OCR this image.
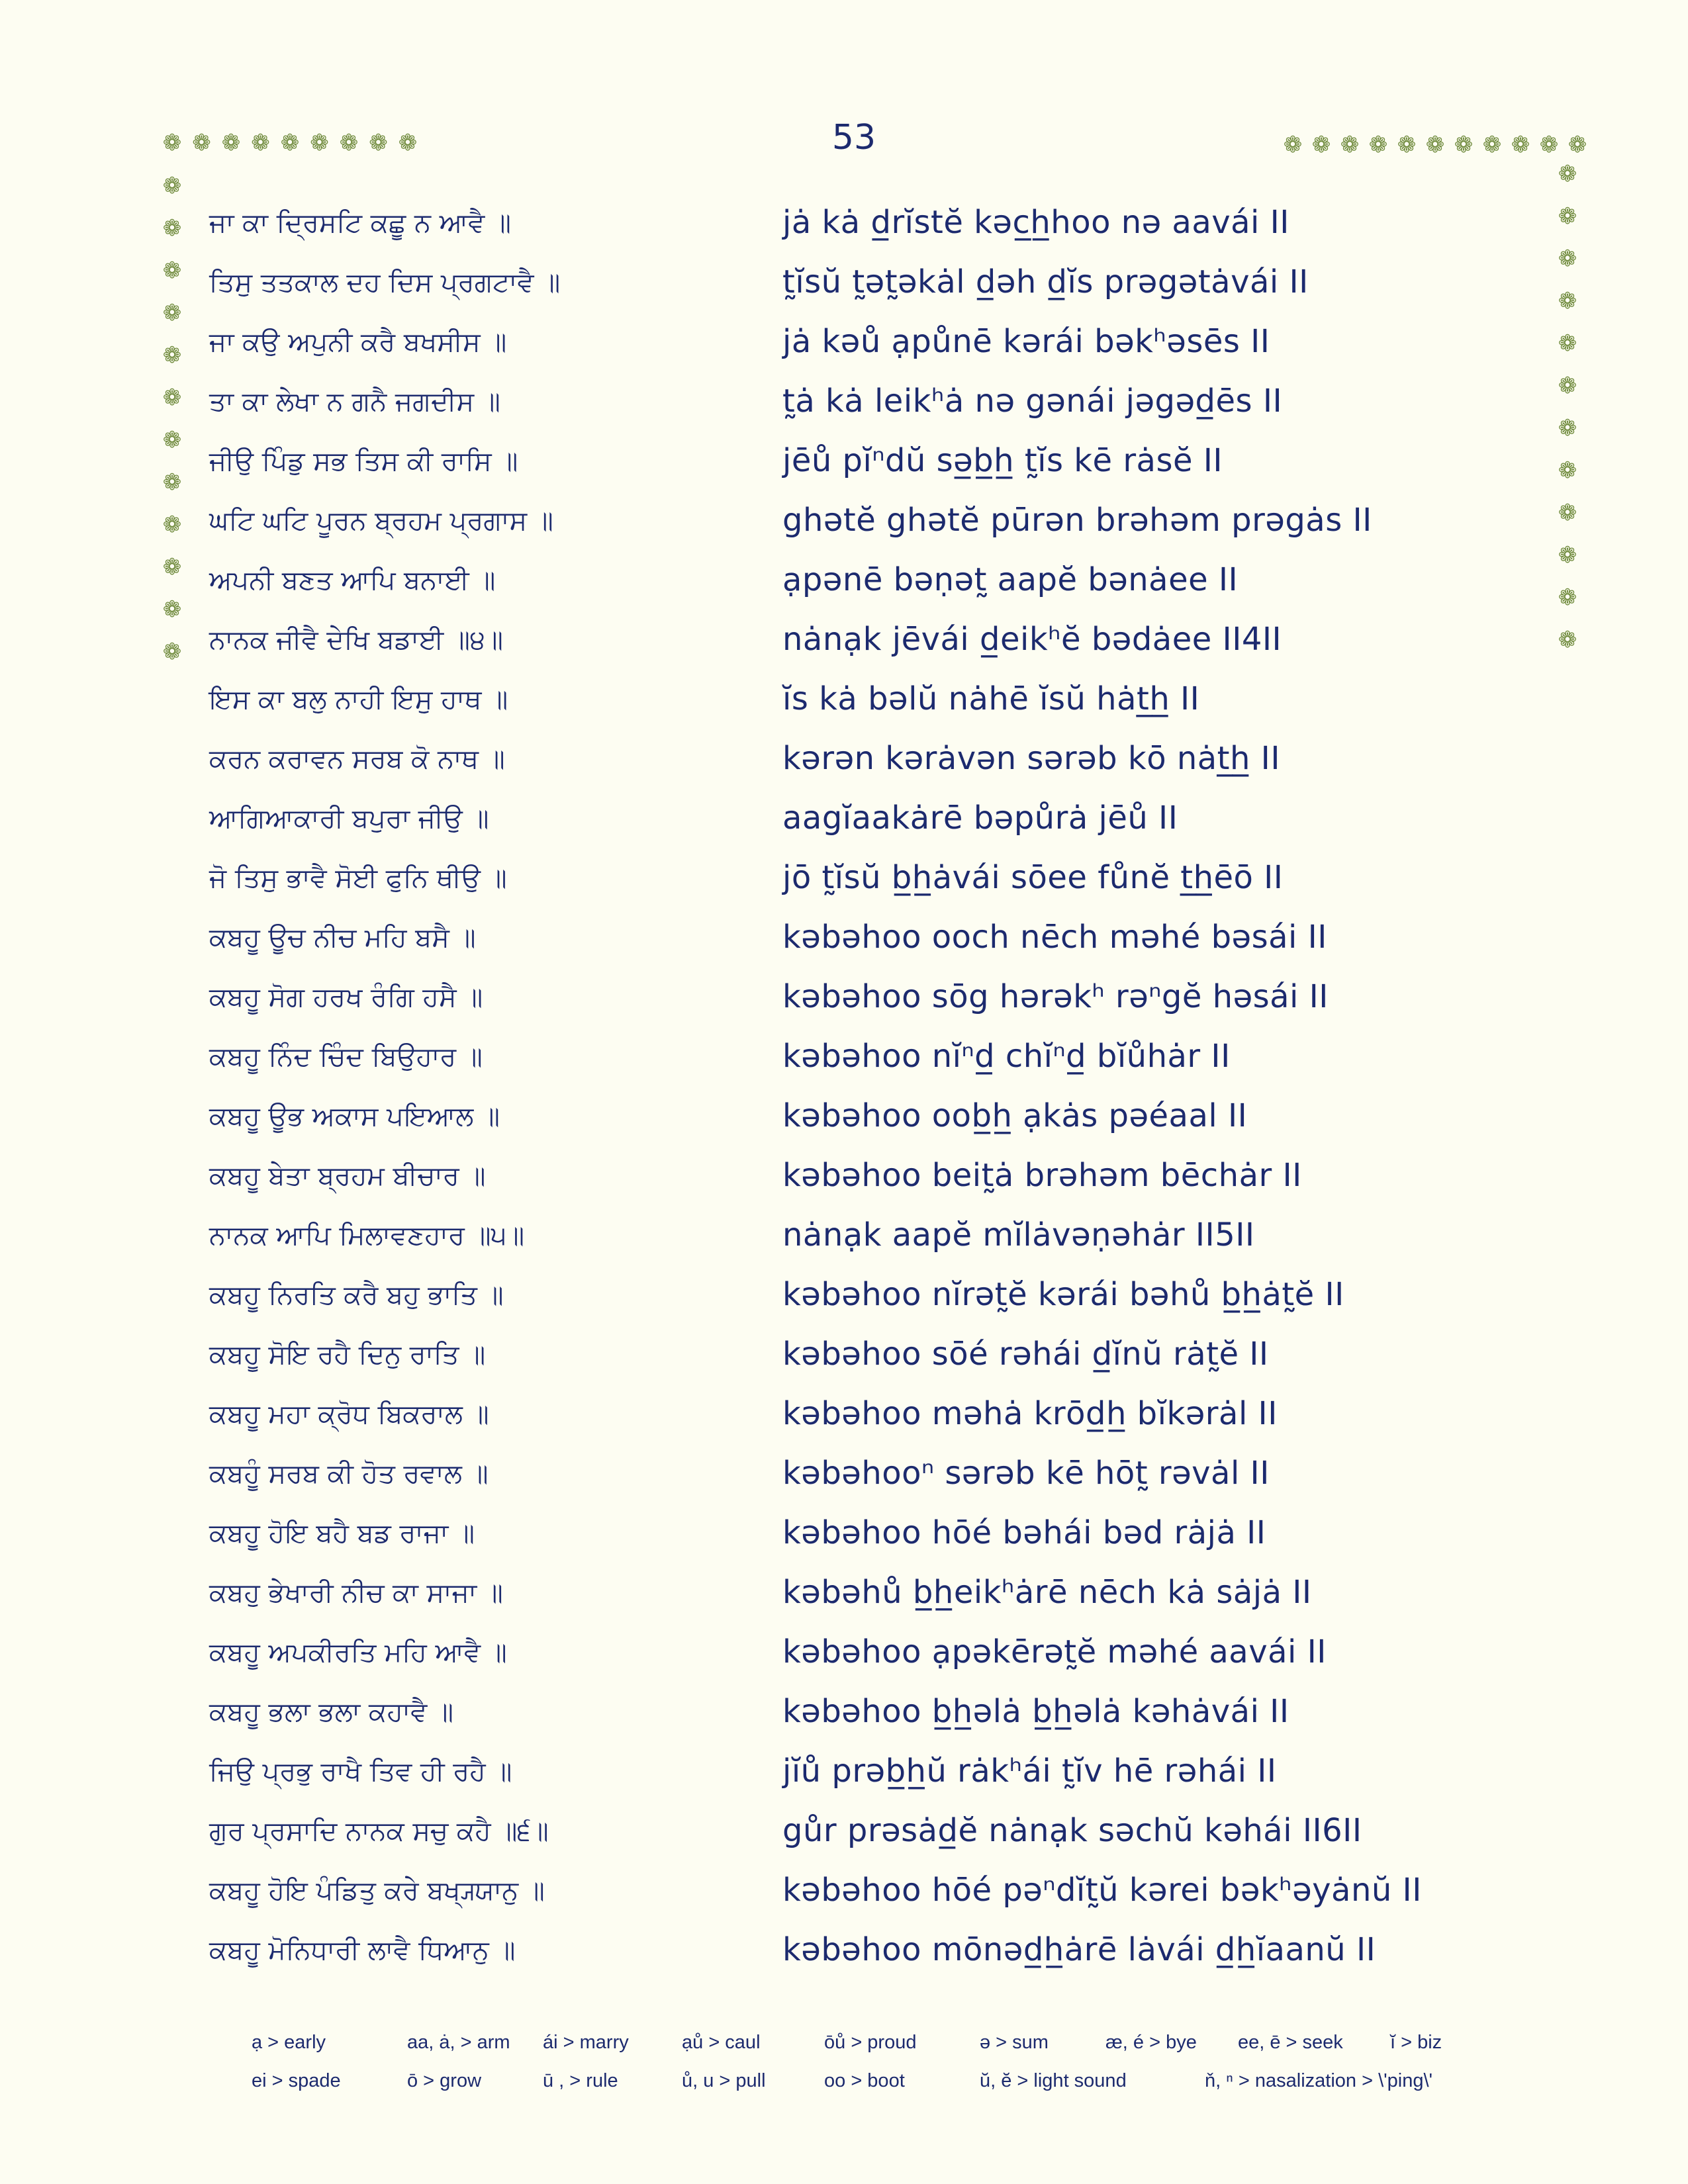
53
❁ ❁ ❁ ❁ ❁ ❁ ❁ ❁ ❁	❁ ❁ ❁ ❁ ❁ ❁ ❁ ❁ ❁ ❁ ❁
❁
❁
❁
❁
❁
❁
❁
❁
❁
❁
❁
❁
❁
❁
❁
❁
❁
❁
❁
❁
❁
❁
❁
❁
ਜਾ ਕਾ ਦ੍ਰਿਸਟਿ ਕਛੂ ਨ ਆਵੈ ॥	jȧ kȧ d̲rĭstĕ kəc̲h̲hoo nə aavái II
ਤਿਸੁ ਤਤਕਾਲ ਦਹ ਦਿਸ ਪ੍ਰਗਟਾਵੈ ॥	t̰ĭsŭ t̰ət̰əkȧl d̲əh d̲ĭs prəgətȧvái II
ਜਾ ਕਉ ਅਪੁਨੀ ਕਰੈ ਬਖਸੀਸ ॥	jȧ kəů ạpůnē kərái bəkʰəsēs II
ਤਾ ਕਾ ਲੇਖਾ ਨ ਗਨੈ ਜਗਦੀਸ ॥	t̰ȧ kȧ leikʰȧ nə gənái jəgəd̲ēs II
ਜੀਉ ਪਿੰਡੁ ਸਭ ਤਿਸ ਕੀ ਰਾਸਿ ॥	jēů pĭⁿdŭ sə̲b̲h̲ t̰ĭs kē rȧsĕ II
ਘਟਿ ਘਟਿ ਪੂਰਨ ਬ੍ਰਹਮ ਪ੍ਰਗਾਸ ॥	ghətĕ ghətĕ pūrən brəhəm prəgȧs II
ਅਪਨੀ ਬਣਤ ਆਪਿ ਬਨਾਈ ॥	ạpənē bəṇət̰ aapĕ bənȧee II
ਨਾਨਕ ਜੀਵੈ ਦੇਖਿ ਬਡਾਈ ॥੪॥	nȧnạk jēvái d̲eikʰĕ bədȧee II4II
ਇਸ ਕਾ ਬਲੁ ਨਾਹੀ ਇਸੁ ਹਾਥ ॥	ĭs kȧ bəlŭ nȧhē ĭsŭ hȧt̲h̲ II
ਕਰਨ ਕਰਾਵਨ ਸਰਬ ਕੋ ਨਾਥ ॥	kərən kərȧvən sərəb kō nȧt̲h̲ II
ਆਗਿਆਕਾਰੀ ਬਪੁਰਾ ਜੀਉ ॥	aagĭaakȧrē bəpůrȧ jēů II
ਜੋ ਤਿਸੁ ਭਾਵੈ ਸੋਈ ਫੁਨਿ ਥੀਉ ॥	jō t̰ĭsŭ b̲h̲ȧvái sōee fůnĕ t̲h̲ēō II
ਕਬਹੂ ਊਚ ਨੀਚ ਮਹਿ ਬਸੈ ॥	kəbəhoo ooch nēch məhé bəsái II
ਕਬਹੂ ਸੋਗ ਹਰਖ ਰੰਗਿ ਹਸੈ ॥	kəbəhoo sōg hərəkʰ rəⁿgĕ həsái II
ਕਬਹੂ ਨਿੰਦ ਚਿੰਦ ਬਿਉਹਾਰ ॥	kəbəhoo nĭⁿd̲ chĭⁿd̲ bĭůhȧr II
ਕਬਹੂ ਊਭ ਅਕਾਸ ਪਇਆਲ ॥	kəbəhoo oob̲h̲ ạkȧs pəéaal II
ਕਬਹੂ ਬੇਤਾ ਬ੍ਰਹਮ ਬੀਚਾਰ ॥	kəbəhoo beit̰ȧ brəhəm bēchȧr II
ਨਾਨਕ ਆਪਿ ਮਿਲਾਵਣਹਾਰ ॥੫॥	nȧnạk aapĕ mĭlȧvəṇəhȧr II5II
ਕਬਹੂ ਨਿਰਤਿ ਕਰੈ ਬਹੁ ਭਾਤਿ ॥	kəbəhoo nĭrət̰ĕ kərái bəhů b̲h̲ȧt̰ĕ II
ਕਬਹੂ ਸੋਇ ਰਹੈ ਦਿਨੁ ਰਾਤਿ ॥	kəbəhoo sōé rəhái d̲ĭnŭ rȧt̰ĕ II
ਕਬਹੂ ਮਹਾ ਕ੍ਰੋਧ ਬਿਕਰਾਲ ॥	kəbəhoo məhȧ krōd̲h̲ bĭkərȧl II
ਕਬਹੂੰ ਸਰਬ ਕੀ ਹੋਤ ਰਵਾਲ ॥	kəbəhooⁿ sərəb kē hōt̰ rəvȧl II
ਕਬਹੂ ਹੋਇ ਬਹੈ ਬਡ ਰਾਜਾ ॥	kəbəhoo hōé bəhái bəd rȧjȧ II
ਕਬਹੁ ਭੇਖਾਰੀ ਨੀਚ ਕਾ ਸਾਜਾ ॥	kəbəhů b̲h̲eikʰȧrē nēch kȧ sȧjȧ II
ਕਬਹੂ ਅਪਕੀਰਤਿ ਮਹਿ ਆਵੈ ॥	kəbəhoo ạpəkērət̰ĕ məhé aavái II
ਕਬਹੂ ਭਲਾ ਭਲਾ ਕਹਾਵੈ ॥	kəbəhoo b̲h̲əlȧ b̲h̲əlȧ kəhȧvái II
ਜਿਉ ਪ੍ਰਭੁ ਰਾਖੈ ਤਿਵ ਹੀ ਰਹੈ ॥	jĭů prəb̲h̲ŭ rȧkʰái t̰ĭv hē rəhái II
ਗੁਰ ਪ੍ਰਸਾਦਿ ਨਾਨਕ ਸਚੁ ਕਹੈ ॥੬॥	gůr prəsȧd̲ĕ nȧnạk səchŭ kəhái II6II
ਕਬਹੂ ਹੋਇ ਪੰਡਿਤੁ ਕਰੇ ਬਖ੍ਯ੍ਯਾਨੁ ॥	kəbəhoo hōé pəⁿdĭt̰ŭ kərei bəkʰəyȧnŭ II
ਕਬਹੂ ਮੋਨਿਧਾਰੀ ਲਾਵੈ ਧਿਆਨੁ ॥	kəbəhoo mōnəd̲h̲ȧrē lȧvái d̲h̲ĭaanŭ II
ạ > early	aa, ȧ, > arm ái > marry	ạů > caul	ōů > proud	ə > sum	æ, é > bye ee, ē > seek ĭ > biz
ei > spade	ō > grow	ū , > rule	ů, u > pull	oo > boot	ŭ, ĕ > light sound	ň, ⁿ > nasalization > \'ping\'
